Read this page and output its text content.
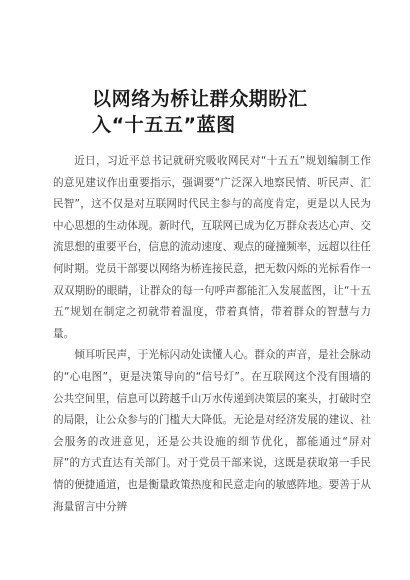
以网络为桥让群众期盼汇入“十五五”蓝图

近日，习近平总书记就研究吸收网民对“十五五”规划编制工作的意见建议作出重要指示，强调要“广泛深入地察民情、听民声、汇民智”，这不仅是对互联网时代民主参与的高度肯定，更是以人民为中心思想的生动体现。新时代，互联网已成为亿万群众表达心声、交流思想的重要平台，信息的流动速度、观点的碰撞频率，远超以往任何时期。党员干部要以网络为桥连接民意，把无数闪烁的光标看作一双双期盼的眼睛，让群众的每一句呼声都能汇入发展蓝图，让“十五五”规划在制定之初就带着温度，带着真情，带着群众的智慧与力量。

倾耳听民声，于光标闪动处读懂人心。群众的声音，是社会脉动的“心电图”，更是决策导向的“信号灯”。在互联网这个没有围墙的公共空间里，信息可以跨越千山万水传递到决策层的案头，打破时空的局限，让公众参与的门槛大大降低。无论是对经济发展的建议、社会服务的改进意见，还是公共设施的细节优化，都能通过“屏对屏”的方式直达有关部门。对于党员干部来说，这既是获取第一手民情的便捷通道，也是衡量政策热度和民意走向的敏感阵地。要善于从海量留言中分辨
